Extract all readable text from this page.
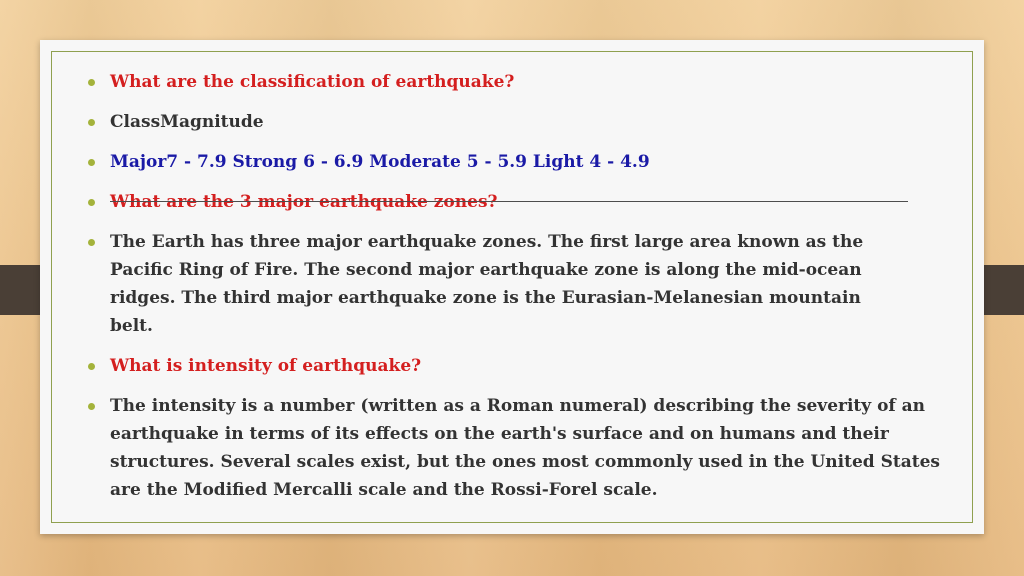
What are the classification of earthquake?
ClassMagnitude
Major7 - 7.9 Strong 6 - 6.9 Moderate 5 - 5.9 Light 4 - 4.9
What are the 3 major earthquake zones?
The Earth has three major earthquake zones. The first large area known as the Pacific Ring of Fire. The second major earthquake zone is along the mid-ocean ridges. The third major earthquake zone is the Eurasian-Melanesian mountain belt.
What is intensity of earthquake?
The intensity is a number (written as a Roman numeral) describing the severity of an earthquake in terms of its effects on the earth's surface and on humans and their structures. Several scales exist, but the ones most commonly used in the United States are the Modified Mercalli scale and the Rossi-Forel scale.
